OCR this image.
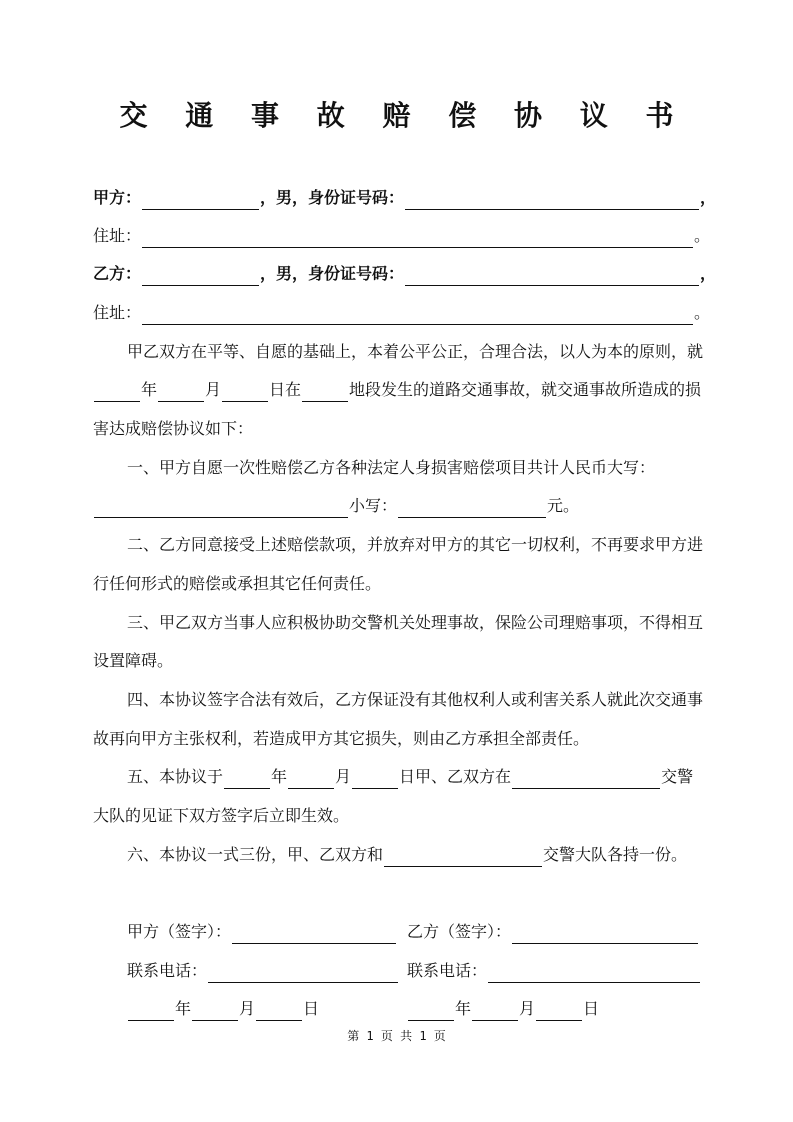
交 通 事 故 赔 偿 协 议 书
甲方：	，男，身份证号码：	，
住址：	。
乙方：	，男，身份证号码：	，
住址：	。
甲乙双方在平等、自愿的基础上，本着公平公正，合理合法，以人为本的原则，就
年	月	日在	地段发生的道路交通事故，就交通事故所造成的损
害达成赔偿协议如下：
一、甲方自愿一次性赔偿乙方各种法定人身损害赔偿项目共计人民币大写：
小写：	元。
二、乙方同意接受上述赔偿款项，并放弃对甲方的其它一切权利，不再要求甲方进
行任何形式的赔偿或承担其它任何责任。
三、甲乙双方当事人应积极协助交警机关处理事故，保险公司理赔事项，不得相互
设置障碍。
四、本协议签字合法有效后，乙方保证没有其他权利人或利害关系人就此次交通事
故再向甲方主张权利，若造成甲方其它损失，则由乙方承担全部责任。
五、本协议于	年	月	日甲、乙双方在	交警
大队的见证下双方签字后立即生效。
六、本协议一式三份，甲、乙双方和	交警大队各持一份。
甲方（签字）：	乙方（签字）：
联系电话：	联系电话：
年	月	日	年	月	日
第 1 页 共 1 页
